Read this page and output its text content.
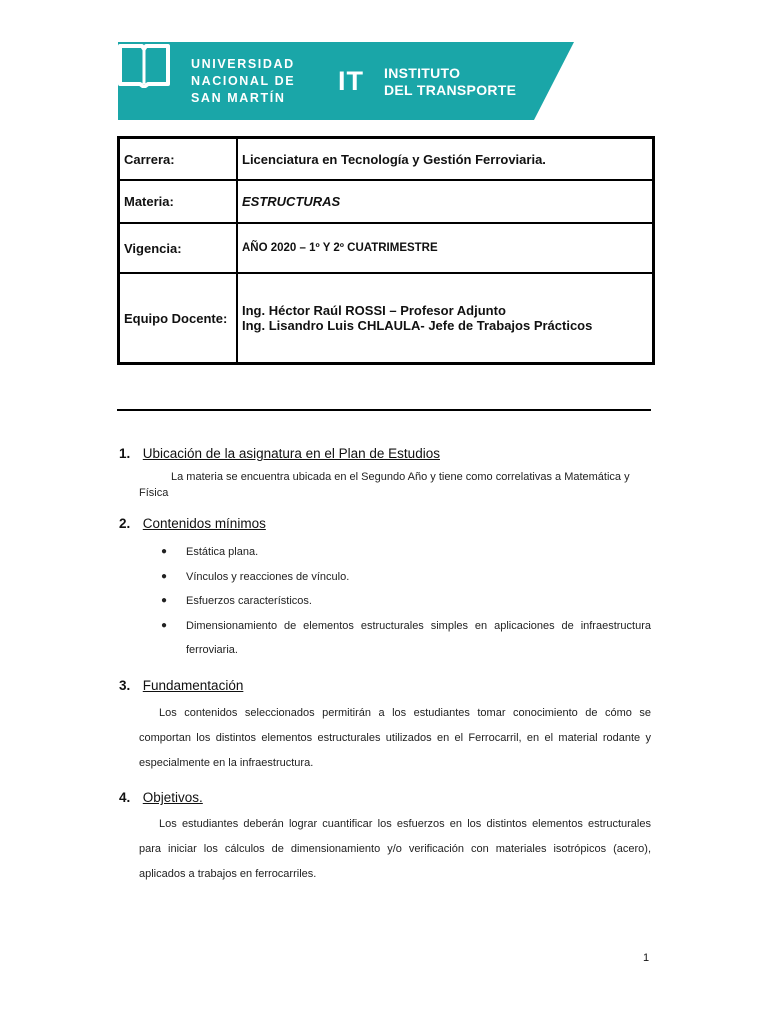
UNIVERSIDAD
NACIONAL DE
SAN MARTÍN
IT INSTITUTO
DEL TRANSPORTE
Carrera:	Licenciatura en Tecnología y Gestión Ferroviaria.
Materia:	ESTRUCTURAS
Vigencia:	AÑO 2020 – 1º Y 2º CUATRIMESTRE
Equipo Docente:	Ing. Héctor Raúl ROSSI – Profesor Adjunto
Ing. Lisandro Luis CHLAULA- Jefe de Trabajos Prácticos
1. Ubicación de la asignatura en el Plan de Estudios
La materia se encuentra ubicada en el Segundo Año y tiene como correlativas a Matemática y Física
2. Contenidos mínimos
● Estática plana.
● Vínculos y reacciones de vínculo.
● Esfuerzos característicos.
● Dimensionamiento de elementos estructurales simples en aplicaciones de infraestructura ferroviaria.
3. Fundamentación
Los contenidos seleccionados permitirán a los estudiantes tomar conocimiento de cómo se comportan los distintos elementos estructurales utilizados en el Ferrocarril, en el material rodante y especialmente en la infraestructura.
4. Objetivos.
Los estudiantes deberán lograr cuantificar los esfuerzos en los distintos elementos estructurales para iniciar los cálculos de dimensionamiento y/o verificación con materiales isotrópicos (acero), aplicados a trabajos en ferrocarriles.
1
